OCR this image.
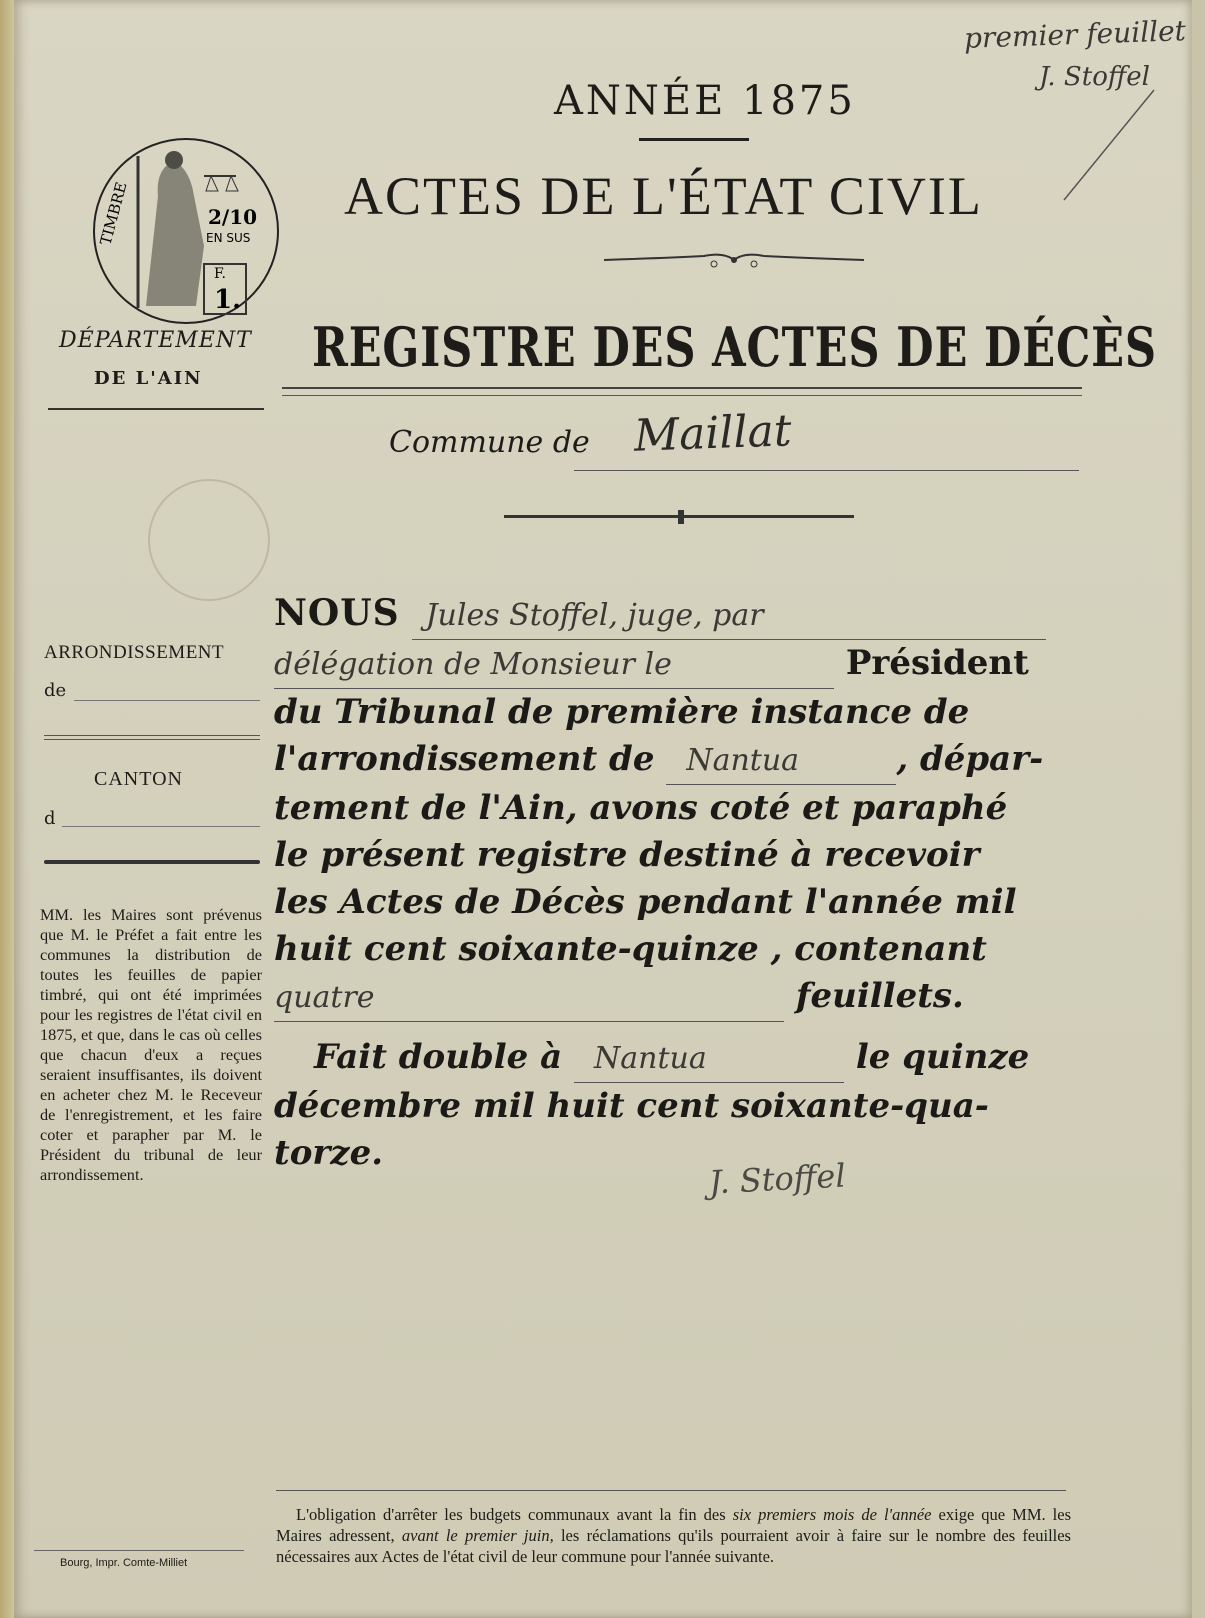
premier feuillet
J. Stoffel
ANNÉE 1875
ACTES DE L'ÉTAT CIVIL
REGISTRE DES ACTES DE DÉCÈS
Commune de Maillat
TIMBRE	2/10
EN SUS
F.
1.
DÉPARTEMENT
DE L'AIN
ARRONDISSEMENT
de
CANTON
d
MM. les Maires sont prévenus que M. le Préfet a fait entre les communes la distribution de toutes les feuilles de papier timbré, qui ont été imprimées pour les registres de l'état civil en 1875, et que, dans le cas où celles que chacun d'eux a reçues seraient insuffisantes, ils doivent en acheter chez M. le Receveur de l'enregistrement, et les faire coter et parapher par M. le Président du tribunal de leur arrondissement.
NOUS Jules Stoffel, juge, par
délégation de Monsieur le	Président
du Tribunal de première instance de
l'arrondissement de Nantua	, dépar-
tement de l'Ain, avons coté et paraphé
le présent registre destiné à recevoir
les Actes de Décès pendant l'année mil
huit cent soixante-quinze , contenant
quatre	feuillets.
Fait double à Nantua	le quinze
décembre mil huit cent soixante-qua-
torze.
J. Stoffel
L'obligation d'arrêter les budgets communaux avant la fin des six premiers mois de l'année exige que MM. les Maires adressent, avant le premier juin, les réclamations qu'ils pourraient avoir à faire sur le nombre des feuilles nécessaires aux Actes de l'état civil de leur commune pour l'année suivante.
Bourg, Impr. Comte-Milliet
